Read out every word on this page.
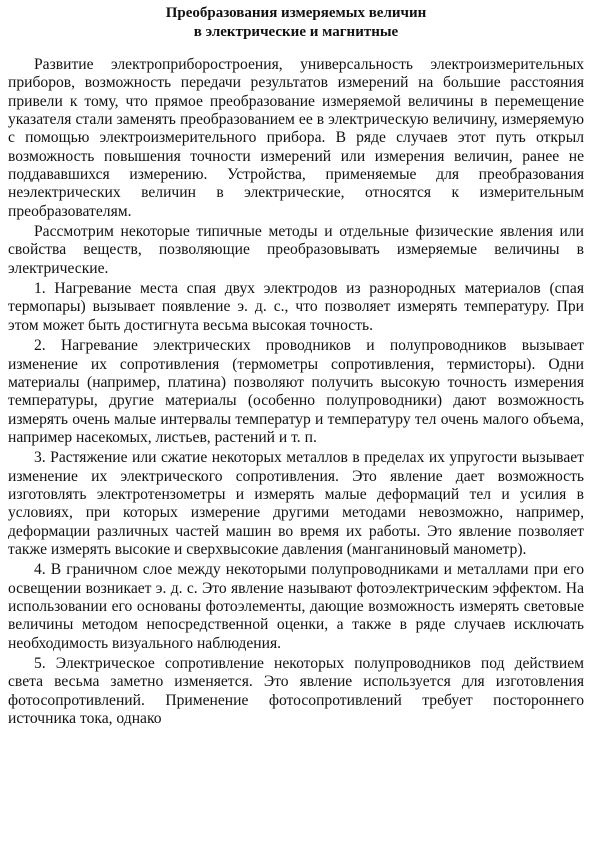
Преобразования измеряемых величин
в электрические и магнитные

Развитие электроприборостроения, универсальность электроизмерительных приборов, возможность передачи результатов измерений на большие расстояния привели к тому, что прямое преобразование измеряемой величины в перемещение указателя стали заменять преобразованием ее в электрическую величину, измеряемую с помощью электроизмерительного прибора. В ряде случаев этот путь открыл возможность повышения точности измерений или измерения величин, ранее не поддававшихся измерению. Устройства, применяемые для преобразования неэлектрических величин в электрические, относятся к измерительным преобразователям.

Рассмотрим некоторые типичные методы и отдельные физические явления или свойства веществ, позволяющие преобразовывать измеряемые величины в электрические.

1. Нагревание места спая двух электродов из разнородных материалов (спая термопары) вызывает появление э. д. с., что позволяет измерять температуру. При этом может быть достигнута весьма высокая точность.

2. Нагревание электрических проводников и полупроводников вызывает изменение их сопротивления (термометры сопротивления, термисторы). Одни материалы (например, платина) позволяют получить высокую точность измерения температуры, другие материалы (особенно полупроводники) дают возможность измерять очень малые интервалы температур и температуру тел очень малого объема, например насекомых, листьев, растений и т. п.

3. Растяжение или сжатие некоторых металлов в пределах их упругости вызывает изменение их электрического сопротивления. Это явление дает возможность изготовлять электротензометры и измерять малые деформаций тел и усилия в условиях, при которых измерение другими методами невозможно, например, деформации различных частей машин во время их работы. Это явление позволяет также измерять высокие и сверхвысокие давления (манганиновый манометр).

4. В граничном слое между некоторыми полупроводниками и металлами при его освещении возникает э. д. с. Это явление называют фотоэлектрическим эффектом. На использовании его основаны фотоэлементы, дающие возможность измерять световые величины методом непосредственной оценки, а также в ряде случаев исключать необходимость визуального наблюдения.

5. Электрическое сопротивление некоторых полупроводников под действием света весьма заметно изменяется. Это явление используется для изготовления фотосопротивлений. Применение фотосопротивлений требует постороннего источника тока, однако
